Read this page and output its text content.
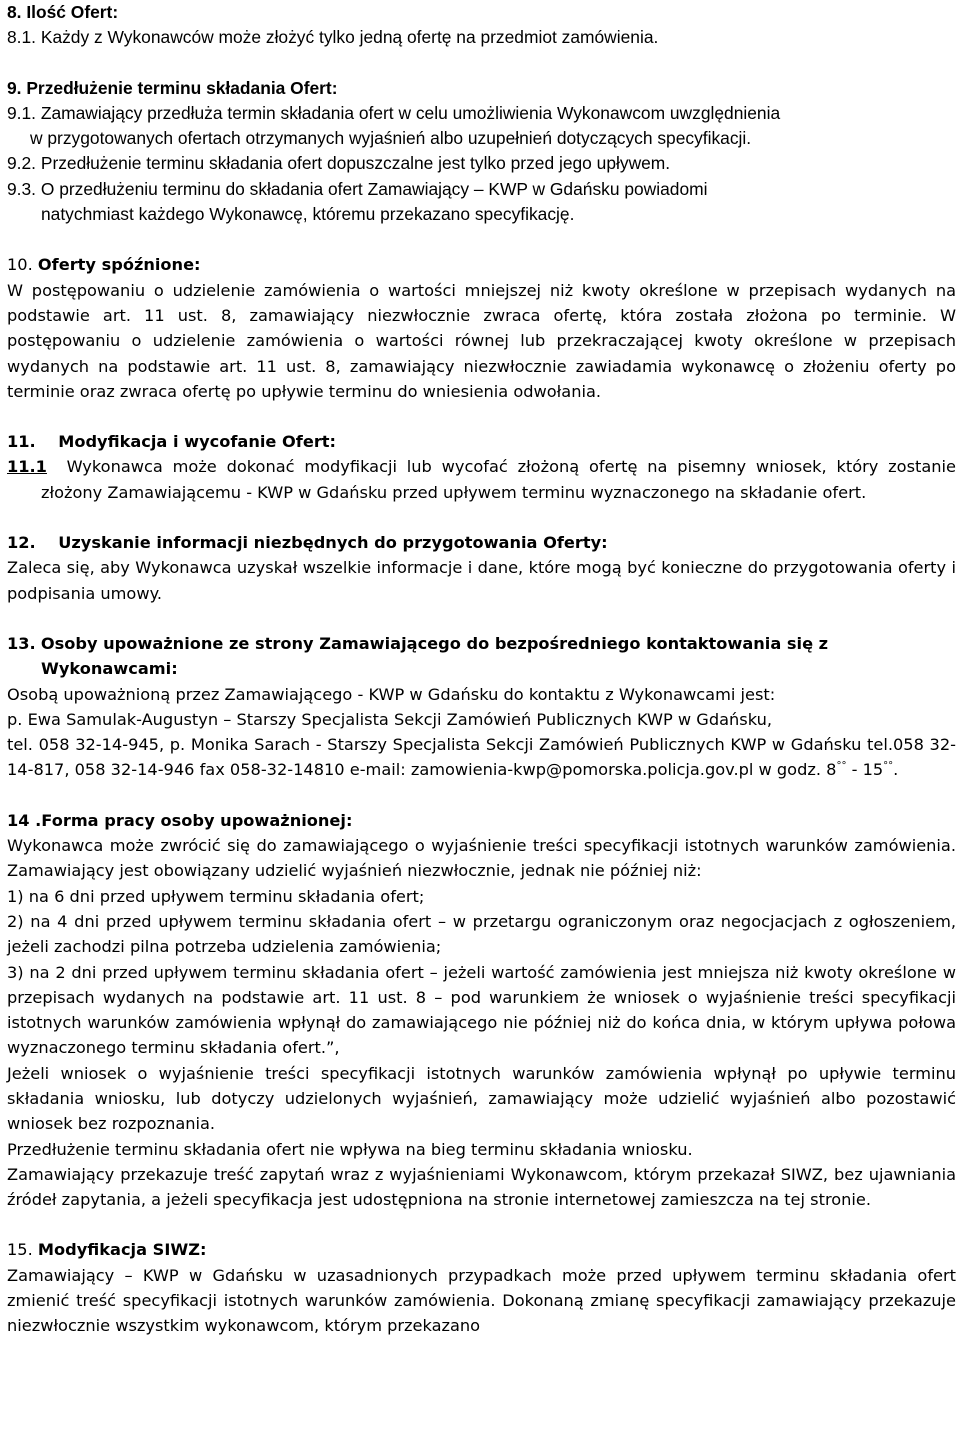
8. Ilość Ofert:
8.1. Każdy z Wykonawców może złożyć tylko jedną ofertę na przedmiot zamówienia.
9. Przedłużenie terminu składania Ofert:
9.1. Zamawiający przedłuża termin składania ofert w celu umożliwienia Wykonawcom uwzględnienia
w przygotowanych ofertach otrzymanych wyjaśnień albo uzupełnień dotyczących specyfikacji.
9.2. Przedłużenie terminu składania ofert dopuszczalne jest tylko przed jego upływem.
9.3. O przedłużeniu terminu do składania ofert Zamawiający – KWP w Gdańsku powiadomi
natychmiast każdego Wykonawcę, któremu przekazano specyfikację.
10. Oferty spóźnione:
W postępowaniu o udzielenie zamówienia o wartości mniejszej niż kwoty określone w przepisach wydanych na podstawie art. 11 ust. 8, zamawiający niezwłocznie zwraca ofertę, która została złożona po terminie. W postępowaniu o udzielenie zamówienia o wartości równej lub przekraczającej kwoty określone w przepisach wydanych na podstawie art. 11 ust. 8, zamawiający niezwłocznie zawiadamia wykonawcę o złożeniu oferty po terminie oraz zwraca ofertę po upływie terminu do wniesienia odwołania.
11.    Modyfikacja i wycofanie Ofert:
11.1 Wykonawca może dokonać modyfikacji lub wycofać złożoną ofertę na pisemny wniosek, który zostanie złożony Zamawiającemu - KWP w Gdańsku przed upływem terminu wyznaczonego na składanie ofert.
12.    Uzyskanie informacji niezbędnych do przygotowania Oferty:
Zaleca się, aby Wykonawca uzyskał wszelkie informacje i dane, które mogą być konieczne do przygotowania oferty i podpisania umowy.
13. Osoby upoważnione ze strony Zamawiającego do bezpośredniego kontaktowania się z Wykonawcami:
Osobą upoważnioną przez Zamawiającego - KWP w Gdańsku do kontaktu z Wykonawcami jest:
p. Ewa Samulak-Augustyn – Starszy Specjalista Sekcji Zamówień Publicznych KWP w Gdańsku,
tel. 058 32-14-945, p. Monika Sarach - Starszy Specjalista Sekcji Zamówień Publicznych KWP w Gdańsku tel.058 32-14-817, 058 32-14-946 fax 058-32-14810 e-mail: zamowienia-kwp@pomorska.policja.gov.pl w godz. 8°° - 15°°.
14 .Forma pracy osoby upoważnionej:
Wykonawca może zwrócić się do zamawiającego o wyjaśnienie treści specyfikacji istotnych warunków zamówienia. Zamawiający jest obowiązany udzielić wyjaśnień niezwłocznie, jednak nie później niż:
1) na 6 dni przed upływem terminu składania ofert;
2) na 4 dni przed upływem terminu składania ofert – w przetargu ograniczonym oraz negocjacjach z ogłoszeniem, jeżeli zachodzi pilna potrzeba udzielenia zamówienia;
3) na 2 dni przed upływem terminu składania ofert – jeżeli wartość zamówienia jest mniejsza niż kwoty określone w przepisach wydanych na podstawie art. 11 ust. 8 – pod warunkiem że wniosek o wyjaśnienie treści specyfikacji istotnych warunków zamówienia wpłynął do zamawiającego nie później niż do końca dnia, w którym upływa połowa wyznaczonego terminu składania ofert.”,
Jeżeli wniosek o wyjaśnienie treści specyfikacji istotnych warunków zamówienia wpłynął po upływie terminu składania wniosku, lub dotyczy udzielonych wyjaśnień, zamawiający może udzielić wyjaśnień albo pozostawić wniosek bez rozpoznania.
Przedłużenie terminu składania ofert nie wpływa na bieg terminu składania wniosku.
Zamawiający przekazuje treść zapytań wraz z wyjaśnieniami Wykonawcom, którym przekazał SIWZ, bez ujawniania źródeł zapytania, a jeżeli specyfikacja jest udostępniona na stronie internetowej zamieszcza na tej stronie.
15. Modyfikacja SIWZ:
Zamawiający – KWP w Gdańsku w uzasadnionych przypadkach może przed upływem terminu składania ofert zmienić treść specyfikacji istotnych warunków zamówienia. Dokonaną zmianę specyfikacji zamawiający przekazuje niezwłocznie wszystkim wykonawcom, którym przekazano
